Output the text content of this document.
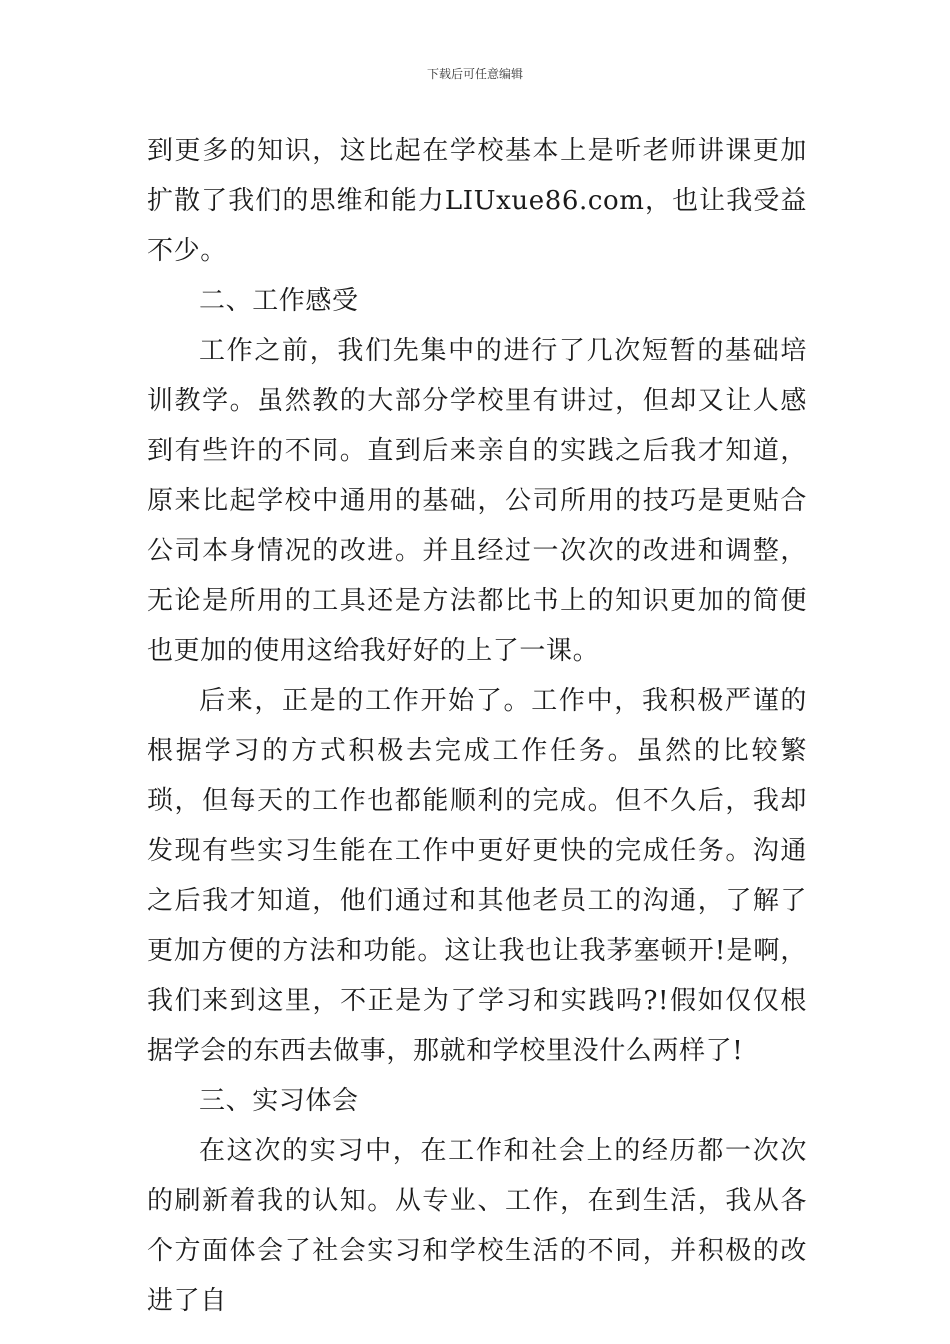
下载后可任意编辑

到更多的知识，这比起在学校基本上是听老师讲课更加扩散了我们的思维和能力LIUxue86.com，也让我受益不少。

二、工作感受

工作之前，我们先集中的进行了几次短暂的基础培训教学。虽然教的大部分学校里有讲过，但却又让人感到有些许的不同。直到后来亲自的实践之后我才知道，原来比起学校中通用的基础，公司所用的技巧是更贴合公司本身情况的改进。并且经过一次次的改进和调整，无论是所用的工具还是方法都比书上的知识更加的简便也更加的使用这给我好好的上了一课。

后来，正是的工作开始了。工作中，我积极严谨的根据学习的方式积极去完成工作任务。虽然的比较繁琐，但每天的工作也都能顺利的完成。但不久后，我却发现有些实习生能在工作中更好更快的完成任务。沟通之后我才知道，他们通过和其他老员工的沟通，了解了更加方便的方法和功能。这让我也让我茅塞顿开!是啊，我们来到这里，不正是为了学习和实践吗?!假如仅仅根据学会的东西去做事，那就和学校里没什么两样了!

三、实习体会

在这次的实习中，在工作和社会上的经历都一次次的刷新着我的认知。从专业、工作，在到生活，我从各个方面体会了社会实习和学校生活的不同，并积极的改进了自
